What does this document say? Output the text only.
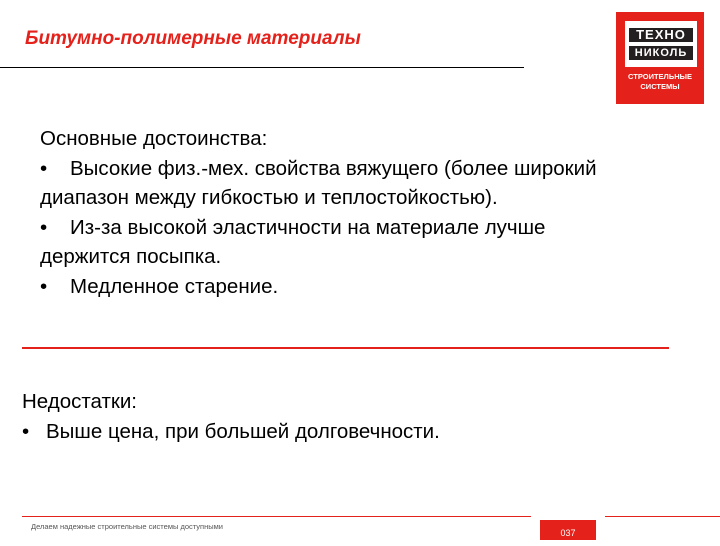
Битумно-полимерные материалы	ТЕХНО
НИКОЛЬ
СТРОИТЕЛЬНЫЕ
СИСТЕМЫ
Основные достоинства:
• Высокие физ.-мех. свойства вяжущего (более широкий
диапазон между гибкостью и теплостойкостью).
• Из-за высокой эластичности на материале лучше
держится посыпка.
• Медленное старение.
Недостатки:
• Выше цена, при большей долговечности.
Делаем надежные строительные системы доступными
037
